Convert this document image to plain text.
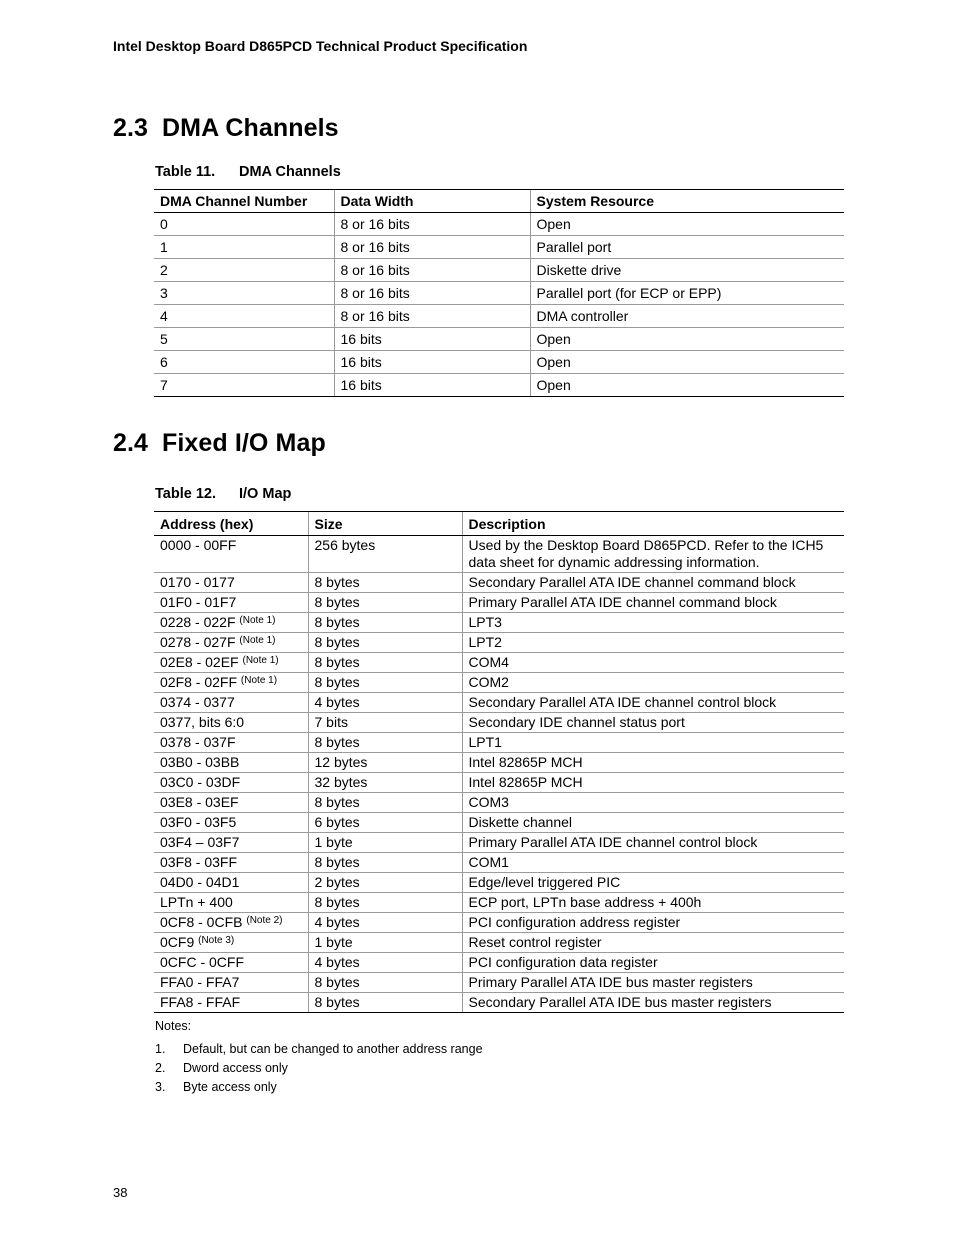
Intel Desktop Board D865PCD Technical Product Specification
2.3 DMA Channels
Table 11. DMA Channels
DMA Channel Number	Data Width	System Resource
0	8 or 16 bits	Open
1	8 or 16 bits	Parallel port
2	8 or 16 bits	Diskette drive
3	8 or 16 bits	Parallel port (for ECP or EPP)
4	8 or 16 bits	DMA controller
5	16 bits	Open
6	16 bits	Open
7	16 bits	Open
2.4 Fixed I/O Map
Table 12. I/O Map
Address (hex)	Size	Description
0000 - 00FF	256 bytes	Used by the Desktop Board D865PCD. Refer to the ICH5 data sheet for dynamic addressing information.
0170 - 0177	8 bytes	Secondary Parallel ATA IDE channel command block
01F0 - 01F7	8 bytes	Primary Parallel ATA IDE channel command block
0228 - 022F $^{(Note 1)}$	8 bytes	LPT3
0278 - 027F $^{(Note 1)}$	8 bytes	LPT2
02E8 - 02EF $^{(Note 1)}$	8 bytes	COM4
02F8 - 02FF $^{(Note 1)}$	8 bytes	COM2
0374 - 0377	4 bytes	Secondary Parallel ATA IDE channel control block
0377, bits 6:0	7 bits	Secondary IDE channel status port
0378 - 037F	8 bytes	LPT1
03B0 - 03BB	12 bytes	Intel 82865P MCH
03C0 - 03DF	32 bytes	Intel 82865P MCH
03E8 - 03EF	8 bytes	COM3
03F0 - 03F5	6 bytes	Diskette channel
03F4 – 03F7	1 byte	Primary Parallel ATA IDE channel control block
03F8 - 03FF	8 bytes	COM1
04D0 - 04D1	2 bytes	Edge/level triggered PIC
LPTn + 400	8 bytes	ECP port, LPTn base address + 400h
0CF8 - 0CFB $^{(Note 2)}$	4 bytes	PCI configuration address register
0CF9 $^{(Note 3)}$	1 byte	Reset control register
0CFC - 0CFF	4 bytes	PCI configuration data register
FFA0 - FFA7	8 bytes	Primary Parallel ATA IDE bus master registers
FFA8 - FFAF	8 bytes	Secondary Parallel ATA IDE bus master registers
Notes:
1. Default, but can be changed to another address range
2. Dword access only
3. Byte access only
38
